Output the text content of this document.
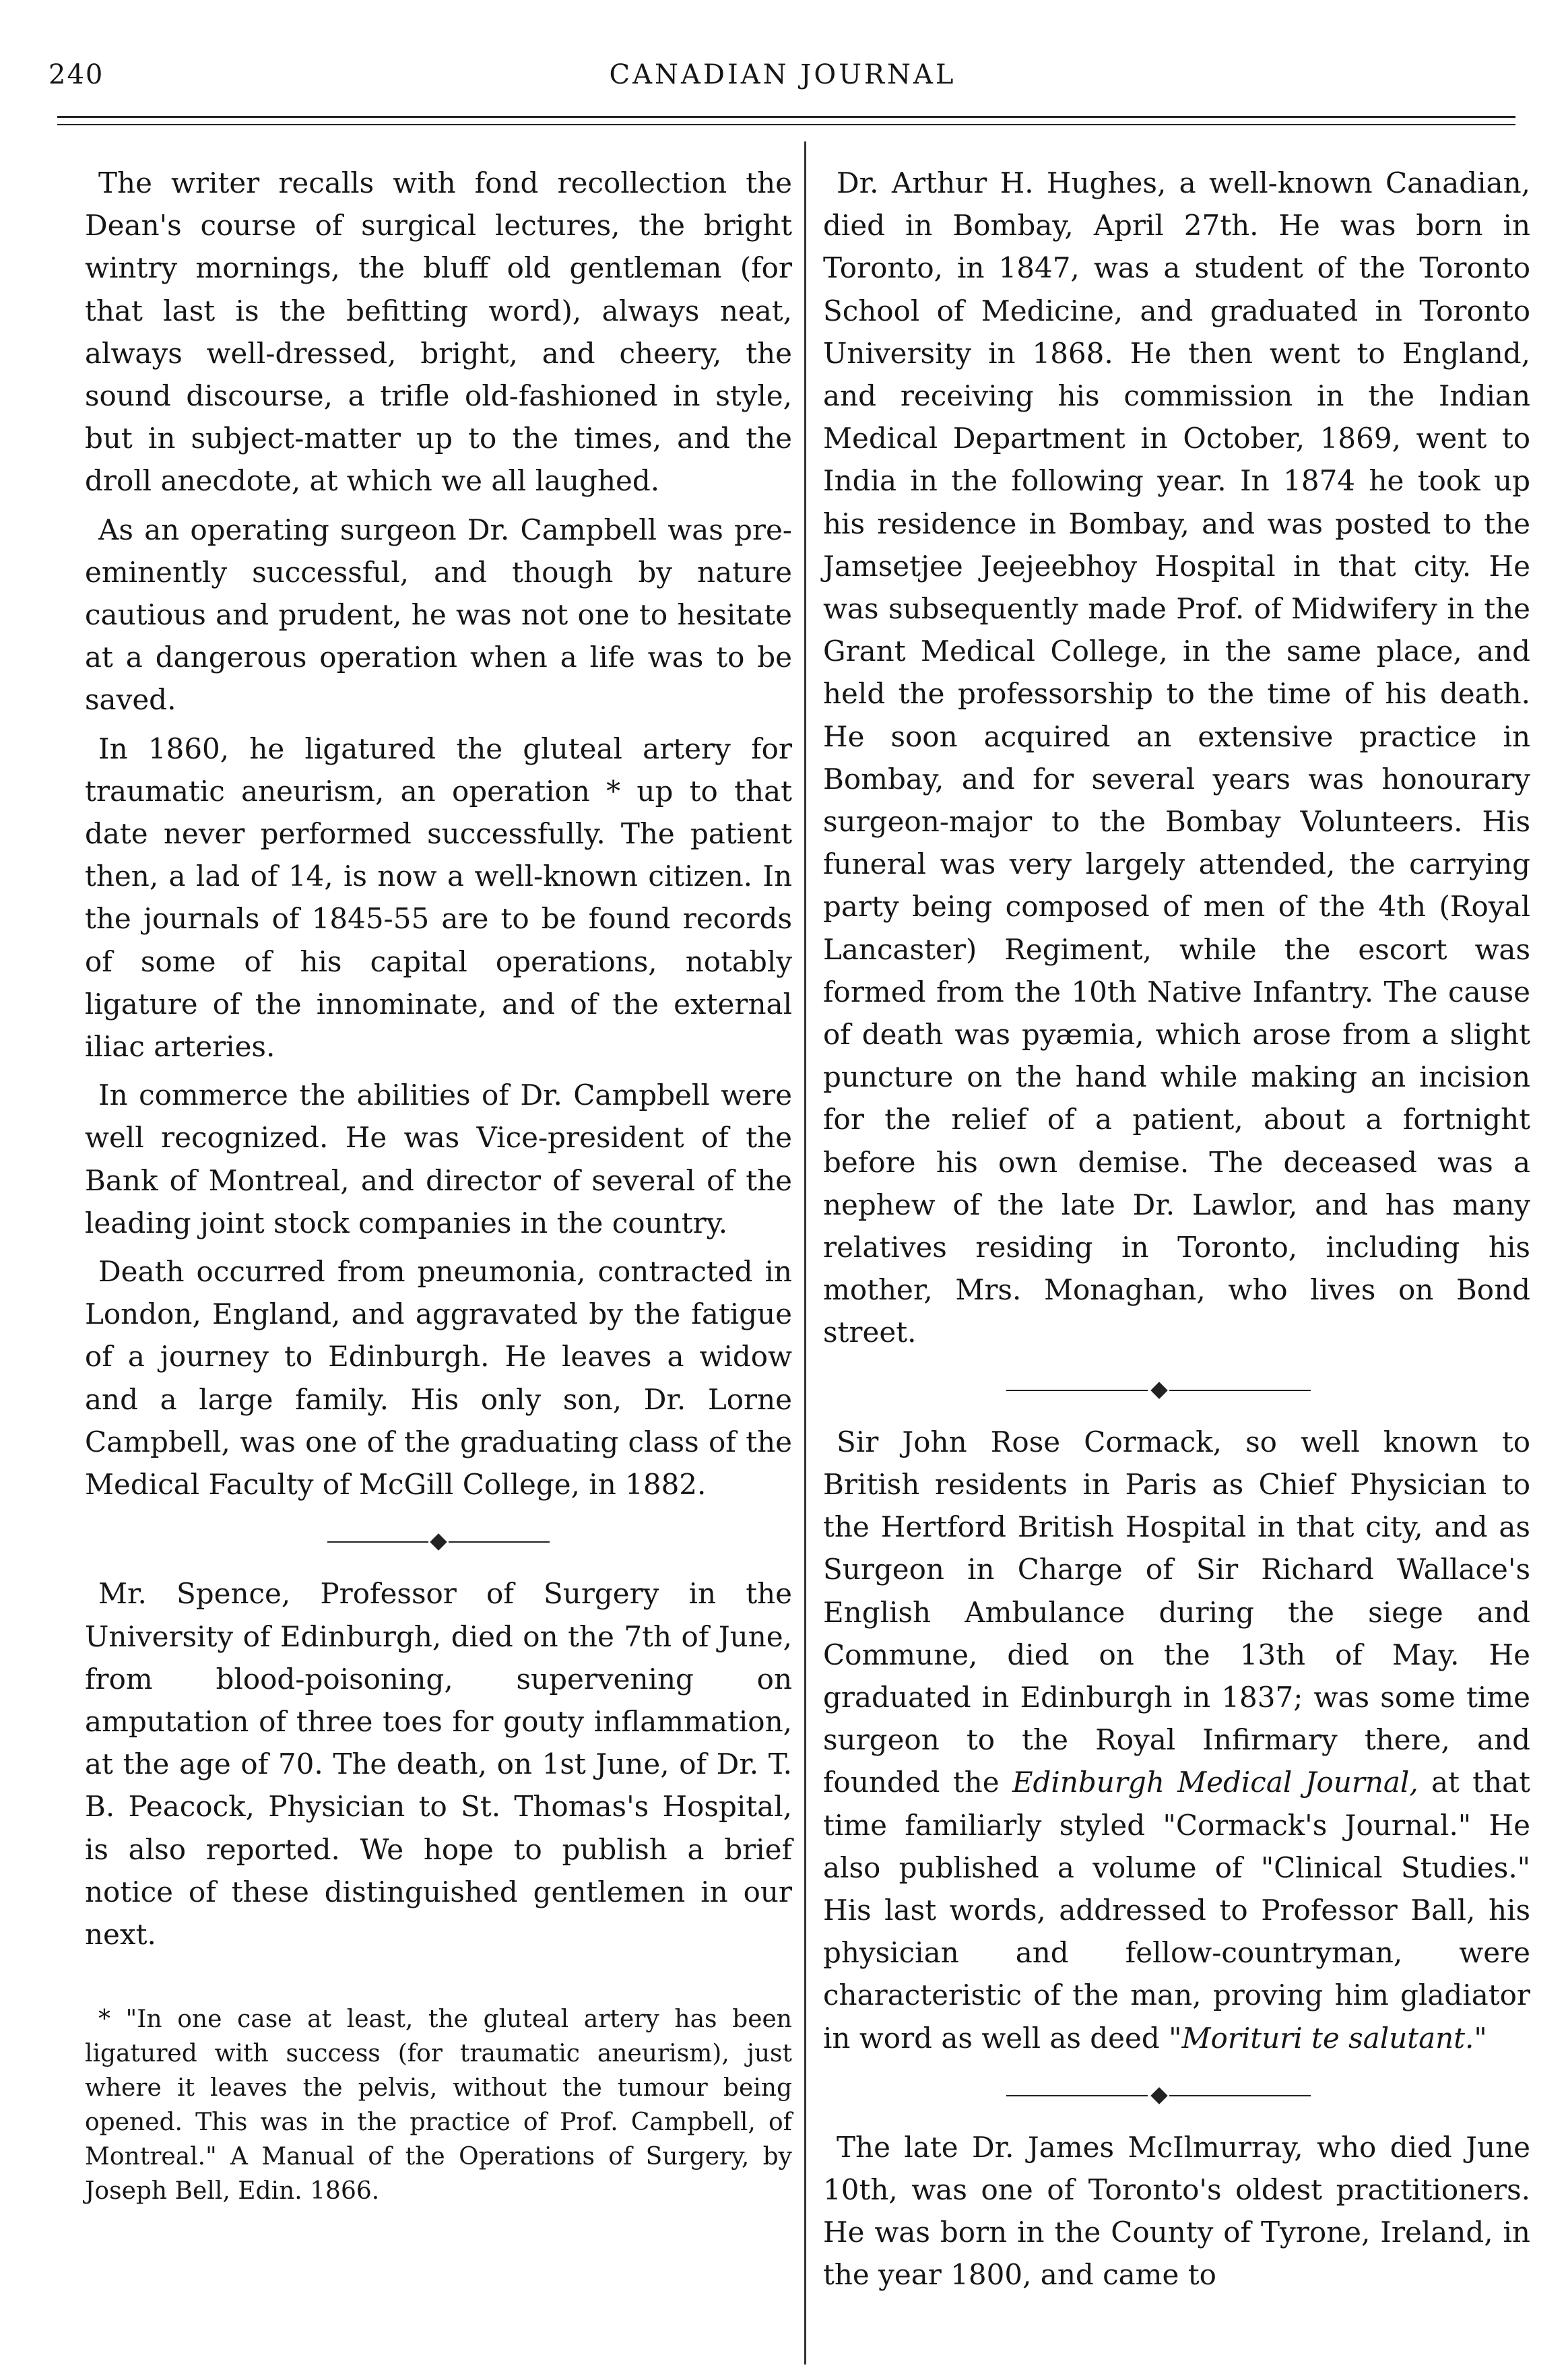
240	CANADIAN JOURNAL

The writer recalls with fond recollection the Dean's course of surgical lectures, the bright wintry mornings, the bluff old gentleman (for that last is the befitting word), always neat, always well-dressed, bright, and cheery, the sound discourse, a trifle old-fashioned in style, but in subject-matter up to the times, and the droll anecdote, at which we all laughed.

As an operating surgeon Dr. Campbell was pre-eminently successful, and though by nature cautious and prudent, he was not one to hesitate at a dangerous operation when a life was to be saved.

In 1860, he ligatured the gluteal artery for traumatic aneurism, an operation * up to that date never performed successfully. The patient then, a lad of 14, is now a well-known citizen. In the journals of 1845-55 are to be found records of some of his capital operations, notably ligature of the innominate, and of the external iliac arteries.

In commerce the abilities of Dr. Campbell were well recognized. He was Vice-president of the Bank of Montreal, and director of several of the leading joint stock companies in the country.

Death occurred from pneumonia, contracted in London, England, and aggravated by the fatigue of a journey to Edinburgh. He leaves a widow and a large family. His only son, Dr. Lorne Campbell, was one of the graduating class of the Medical Faculty of McGill College, in 1882.

Mr. Spence, Professor of Surgery in the University of Edinburgh, died on the 7th of June, from blood-poisoning, supervening on amputation of three toes for gouty inflammation, at the age of 70. The death, on 1st June, of Dr. T. B. Peacock, Physician to St. Thomas's Hospital, is also reported. We hope to publish a brief notice of these distinguished gentlemen in our next.

* "In one case at least, the gluteal artery has been ligatured with success (for traumatic aneurism), just where it leaves the pelvis, without the tumour being opened. This was in the practice of Prof. Campbell, of Montreal." A Manual of the Operations of Surgery, by Joseph Bell, Edin. 1866.

Dr. Arthur H. Hughes, a well-known Canadian, died in Bombay, April 27th. He was born in Toronto, in 1847, was a student of the Toronto School of Medicine, and graduated in Toronto University in 1868. He then went to England, and receiving his commission in the Indian Medical Department in October, 1869, went to India in the following year. In 1874 he took up his residence in Bombay, and was posted to the Jamsetjee Jeejeebhoy Hospital in that city. He was subsequently made Prof. of Midwifery in the Grant Medical College, in the same place, and held the professorship to the time of his death. He soon acquired an extensive practice in Bombay, and for several years was honourary surgeon-major to the Bombay Volunteers. His funeral was very largely attended, the carrying party being composed of men of the 4th (Royal Lancaster) Regiment, while the escort was formed from the 10th Native Infantry. The cause of death was pyæmia, which arose from a slight puncture on the hand while making an incision for the relief of a patient, about a fortnight before his own demise. The deceased was a nephew of the late Dr. Lawlor, and has many relatives residing in Toronto, including his mother, Mrs. Monaghan, who lives on Bond street.

Sir John Rose Cormack, so well known to British residents in Paris as Chief Physician to the Hertford British Hospital in that city, and as Surgeon in Charge of Sir Richard Wallace's English Ambulance during the siege and Commune, died on the 13th of May. He graduated in Edinburgh in 1837; was some time surgeon to the Royal Infirmary there, and founded the Edinburgh Medical Journal, at that time familiarly styled "Cormack's Journal." He also published a volume of "Clinical Studies." His last words, addressed to Professor Ball, his physician and fellow-countryman, were characteristic of the man, proving him gladiator in word as well as deed "Morituri te salutant."

The late Dr. James McIlmurray, who died June 10th, was one of Toronto's oldest practitioners. He was born in the County of Tyrone, Ireland, in the year 1800, and came to
